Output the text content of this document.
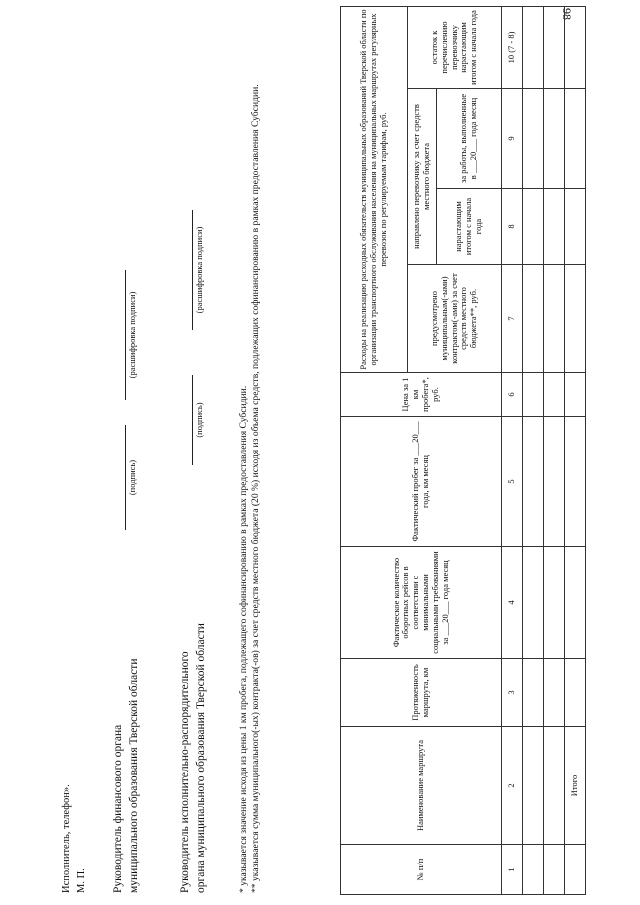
98
№ п/п	Наименование маршрута	Протяженность маршрута, км	Фактическое количество оборотных рейсов в соответствии с минимальными социальными требованиями за ___20___ года месяц	Фактический пробег за ___20___ года, км месяц	Цена за 1 км пробега*, руб.	Расходы на реализацию расходных обязательств муниципальных образований Тверской области по организации транспортного обслуживания населения на муниципальных маршрутах регулярных перевозок по регулируемым тарифам, руб.			
						предусмотрено муниципальным(-ыми) контрактом(-ами) за счет средств местного бюджета**, руб.	направлено перевозчику за счет средств местного бюджета		остаток к перечислению перевозчику нарастающим итогом с начала года
							нарастающим итогом с начала года	за работы, выполненные в ___20___ года месяц	
1	2	3	4	5	6	7	8	9	10 (7 - 8)

	Итого								

* указывается значение исходя из цены 1 км пробега, подлежащего софинансированию в рамках предоставления Субсидии. ** указывается сумма муниципального(-ых) контракта(-ов) за счет средств местного бюджета (20 %) исходя из объема средств, подлежащих софинансированию в рамках предоставления Субсидии.

Руководитель исполнительно-распорядительного органа муниципального образования Тверской области
(подпись)
(расшифровка подписи)
Руководитель финансового органа муниципального образования Тверской области
(подпись)
(расшифровка подписи)
М. П.
Исполнитель, телефон».
